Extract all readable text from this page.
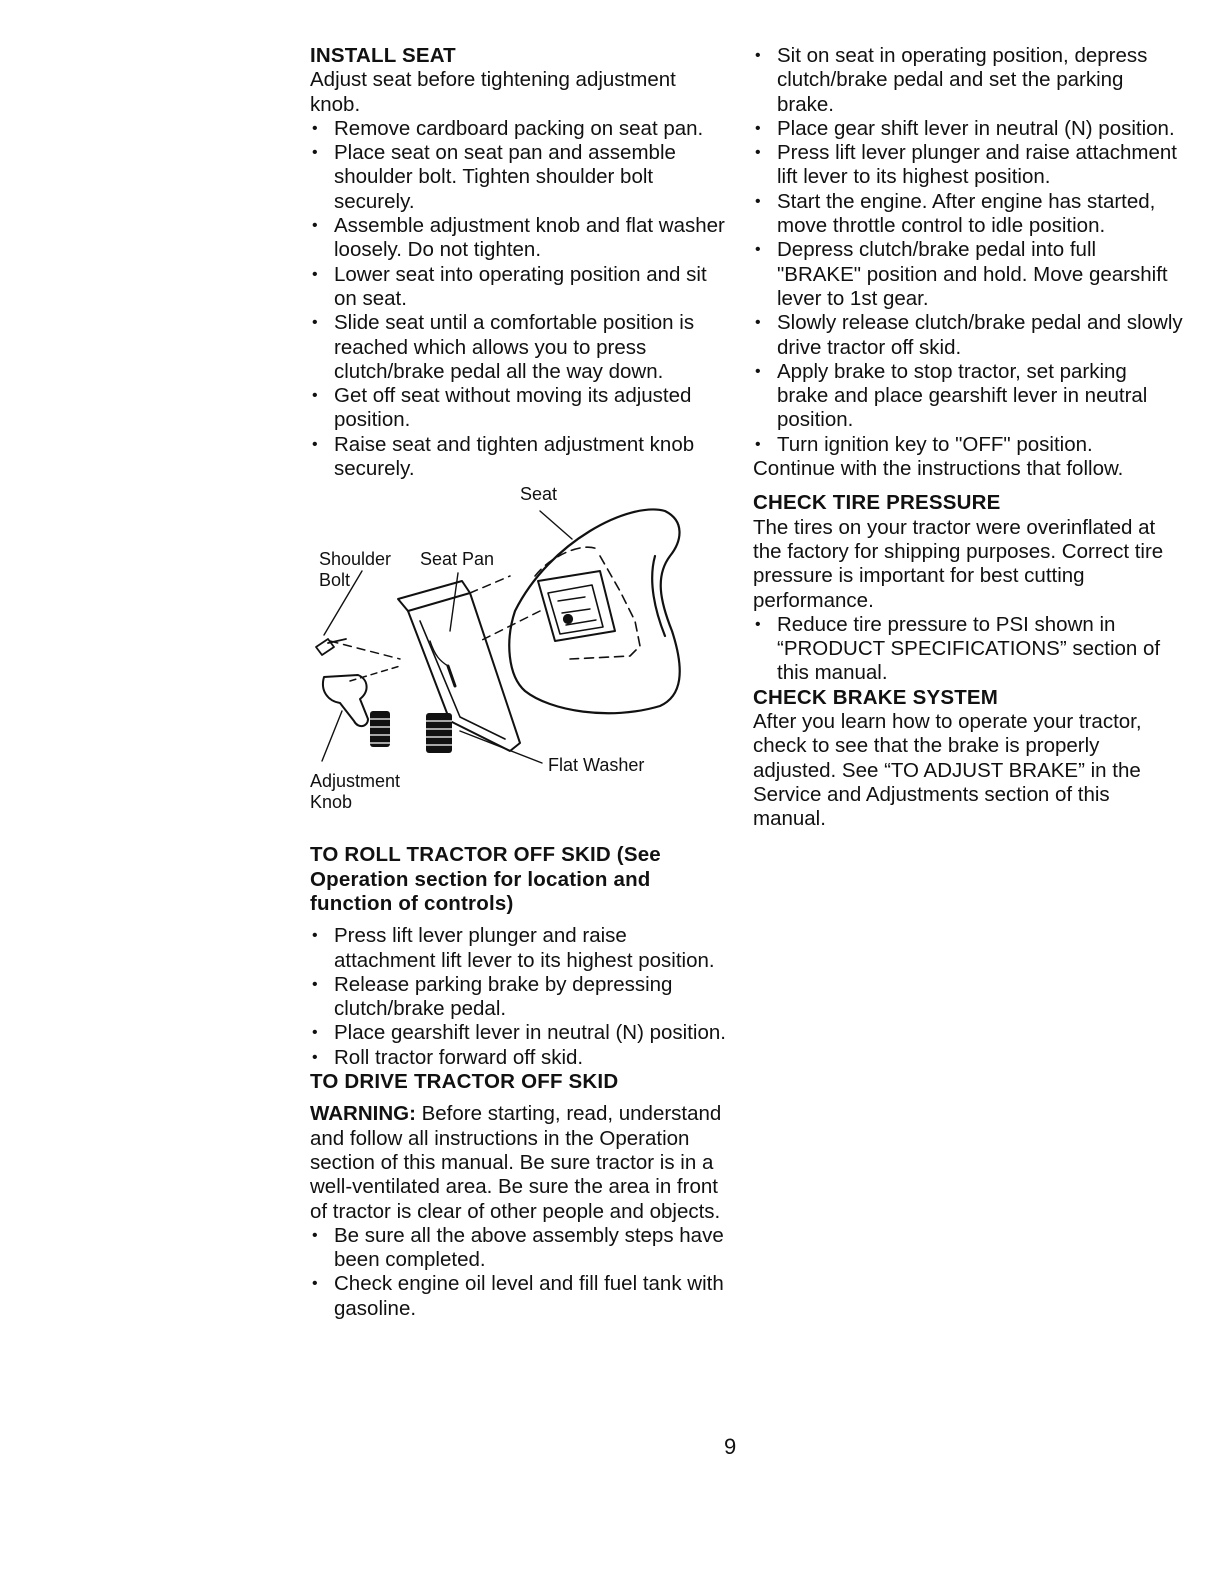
INSTALL SEAT

Adjust seat before tightening adjustment knob.

• Remove cardboard packing on seat pan.
• Place seat on seat pan and assemble shoulder bolt. Tighten shoulder bolt securely.
• Assemble adjustment knob and flat washer loosely. Do not tighten.
• Lower seat into operating position and sit on seat.
• Slide seat until a comfortable position is reached which allows you to press clutch/brake pedal all the way down.
• Get off seat without moving its adjusted position.
• Raise seat and tighten adjustment knob securely.
Seat
Shoulder Bolt
Seat Pan
Adjustment Knob
Flat Washer
TO ROLL TRACTOR OFF SKID (See Operation section for location and function of controls)
• Press lift lever plunger and raise attachment lift lever to its highest position.
• Release parking brake by depressing clutch/brake pedal.
• Place gearshift lever in neutral (N) position.
• Roll tractor forward off skid.
TO DRIVE TRACTOR OFF SKID

WARNING: Before starting, read, understand and follow all instructions in the Operation section of this manual. Be sure tractor is in a well-ventilated area. Be sure the area in front of tractor is clear of other people and objects.

• Be sure all the above assembly steps have been completed.
• Check engine oil level and fill fuel tank with gasoline.
• Sit on seat in operating position, depress clutch/brake pedal and set the parking brake.
• Place gear shift lever in neutral (N) position.
• Press lift lever plunger and raise attachment lift lever to its highest position.
• Start the engine. After engine has started, move throttle control to idle position.
• Depress clutch/brake pedal into full "BRAKE" position and hold. Move gearshift lever to 1st gear.
• Slowly release clutch/brake pedal and slowly drive tractor off skid.
• Apply brake to stop tractor, set parking brake and place gearshift lever in neutral position.
• Turn ignition key to "OFF" position.

Continue with the instructions that follow.

CHECK TIRE PRESSURE

The tires on your tractor were overinflated at the factory for shipping purposes. Correct tire pressure is important for best cutting performance.

• Reduce tire pressure to PSI shown in “PRODUCT SPECIFICATIONS” section of this manual.
CHECK BRAKE SYSTEM

After you learn how to operate your tractor, check to see that the brake is properly adjusted. See “TO ADJUST BRAKE” in the Service and Adjustments section of this manual.

9
